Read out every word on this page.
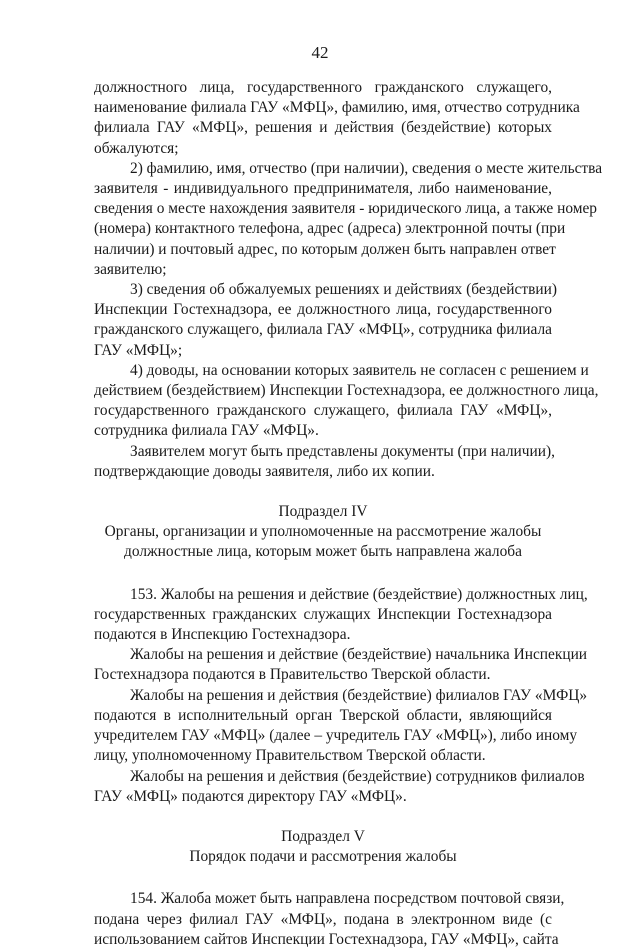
42
должностного лица, государственного гражданского служащего,
наименование филиала ГАУ «МФЦ», фамилию, имя, отчество сотрудника
филиала ГАУ «МФЦ», решения и действия (бездействие) которых
обжалуются;
2) фамилию, имя, отчество (при наличии), сведения о месте жительства
заявителя - индивидуального предпринимателя, либо наименование,
сведения о месте нахождения заявителя - юридического лица, а также номер
(номера) контактного телефона, адрес (адреса) электронной почты (при
наличии) и почтовый адрес, по которым должен быть направлен ответ
заявителю;
3) сведения об обжалуемых решениях и действиях (бездействии)
Инспекции Гостехнадзора, ее должностного лица, государственного
гражданского служащего, филиала ГАУ «МФЦ», сотрудника филиала
ГАУ «МФЦ»;
4) доводы, на основании которых заявитель не согласен с решением и
действием (бездействием) Инспекции Гостехнадзора, ее должностного лица,
государственного гражданского служащего, филиала ГАУ «МФЦ»,
сотрудника филиала ГАУ «МФЦ».
Заявителем могут быть представлены документы (при наличии),
подтверждающие доводы заявителя, либо их копии.
Подраздел IV
Органы, организации и уполномоченные на рассмотрение жалобы
должностные лица, которым может быть направлена жалоба
153. Жалобы на решения и действие (бездействие) должностных лиц,
государственных гражданских служащих Инспекции Гостехнадзора
подаются в Инспекцию Гостехнадзора.
Жалобы на решения и действие (бездействие) начальника Инспекции
Гостехнадзора подаются в Правительство Тверской области.
Жалобы на решения и действия (бездействие) филиалов ГАУ «МФЦ»
подаются в исполнительный орган Тверской области, являющийся
учредителем ГАУ «МФЦ» (далее – учредитель ГАУ «МФЦ»), либо иному
лицу, уполномоченному Правительством Тверской области.
Жалобы на решения и действия (бездействие) сотрудников филиалов
ГАУ «МФЦ» подаются директору ГАУ «МФЦ».
Подраздел V
Порядок подачи и рассмотрения жалобы
154. Жалоба может быть направлена посредством почтовой связи,
подана через филиал ГАУ «МФЦ», подана в электронном виде (с
использованием сайтов Инспекции Гостехнадзора, ГАУ «МФЦ», сайта
